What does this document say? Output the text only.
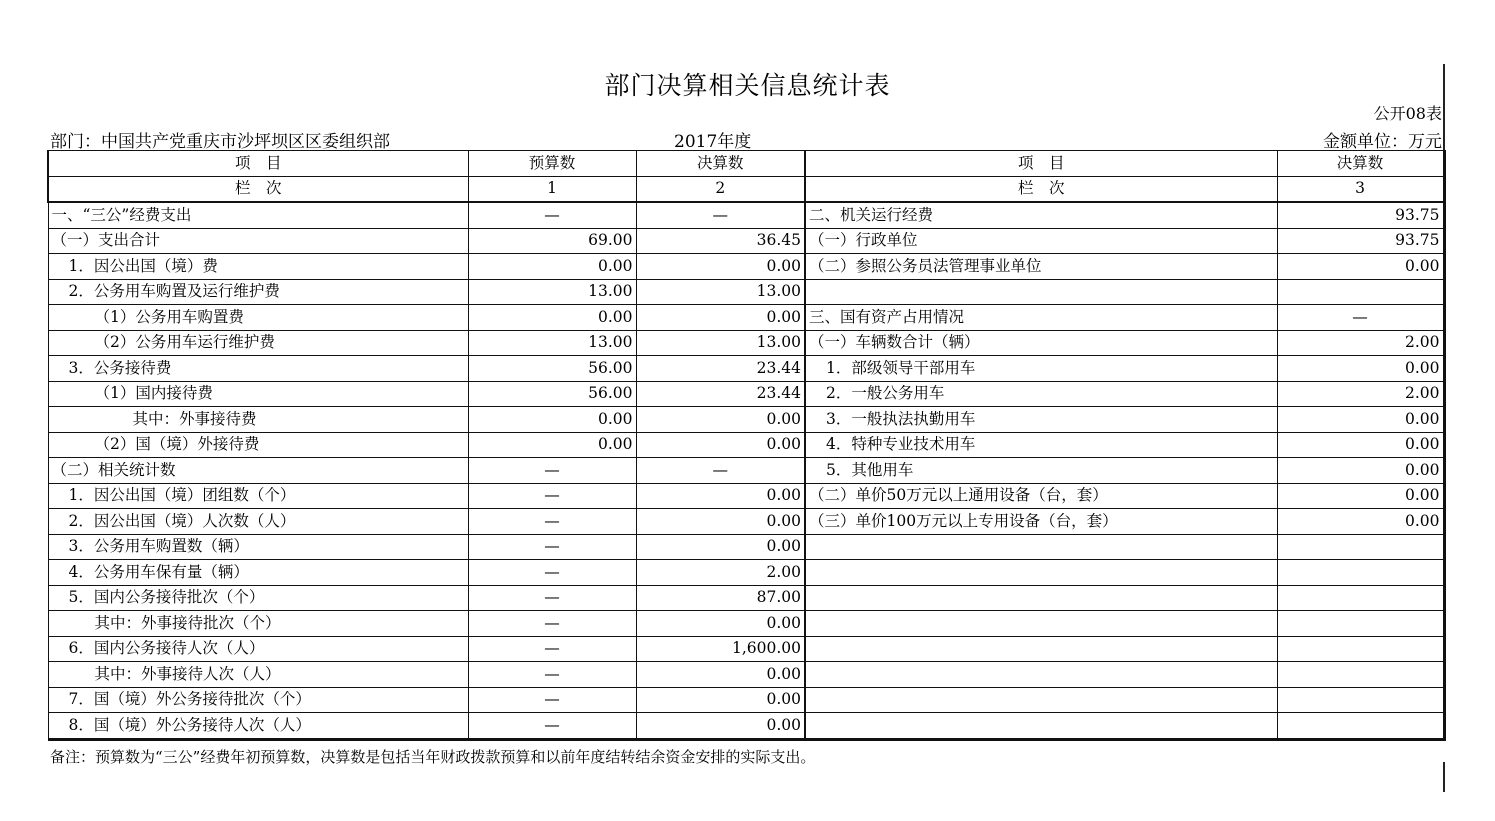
部门决算相关信息统计表
公开08表
部门：中国共产党重庆市沙坪坝区区委组织部	2017年度	金额单位：万元
项　目	预算数	决算数	项　目	决算数
栏　次	1	2	栏　次	3
一、“三公”经费支出	—	—	二、机关运行经费	93.75
（一）支出合计	69.00	36.45	（一）行政单位	93.75
1．因公出国（境）费	0.00	0.00	（二）参照公务员法管理事业单位	0.00
2．公务用车购置及运行维护费	13.00	13.00		
（1）公务用车购置费	0.00	0.00	三、国有资产占用情况	—
（2）公务用车运行维护费	13.00	13.00	（一）车辆数合计（辆）	2.00
3．公务接待费	56.00	23.44	1．部级领导干部用车	0.00
（1）国内接待费	56.00	23.44	2．一般公务用车	2.00
其中：外事接待费	0.00	0.00	3．一般执法执勤用车	0.00
（2）国（境）外接待费	0.00	0.00	4．特种专业技术用车	0.00
（二）相关统计数	—	—	5．其他用车	0.00
1．因公出国（境）团组数（个）	—	0.00	（二）单价50万元以上通用设备（台，套）	0.00
2．因公出国（境）人次数（人）	—	0.00	（三）单价100万元以上专用设备（台，套）	0.00
3．公务用车购置数（辆）	—	0.00		
4．公务用车保有量（辆）	—	2.00		
5．国内公务接待批次（个）	—	87.00		
其中：外事接待批次（个）	—	0.00		
6．国内公务接待人次（人）	—	1,600.00		
其中：外事接待人次（人）	—	0.00		
7．国（境）外公务接待批次（个）	—	0.00		
8．国（境）外公务接待人次（人）	—	0.00		
备注：预算数为“三公”经费年初预算数，决算数是包括当年财政拨款预算和以前年度结转结余资金安排的实际支出。
